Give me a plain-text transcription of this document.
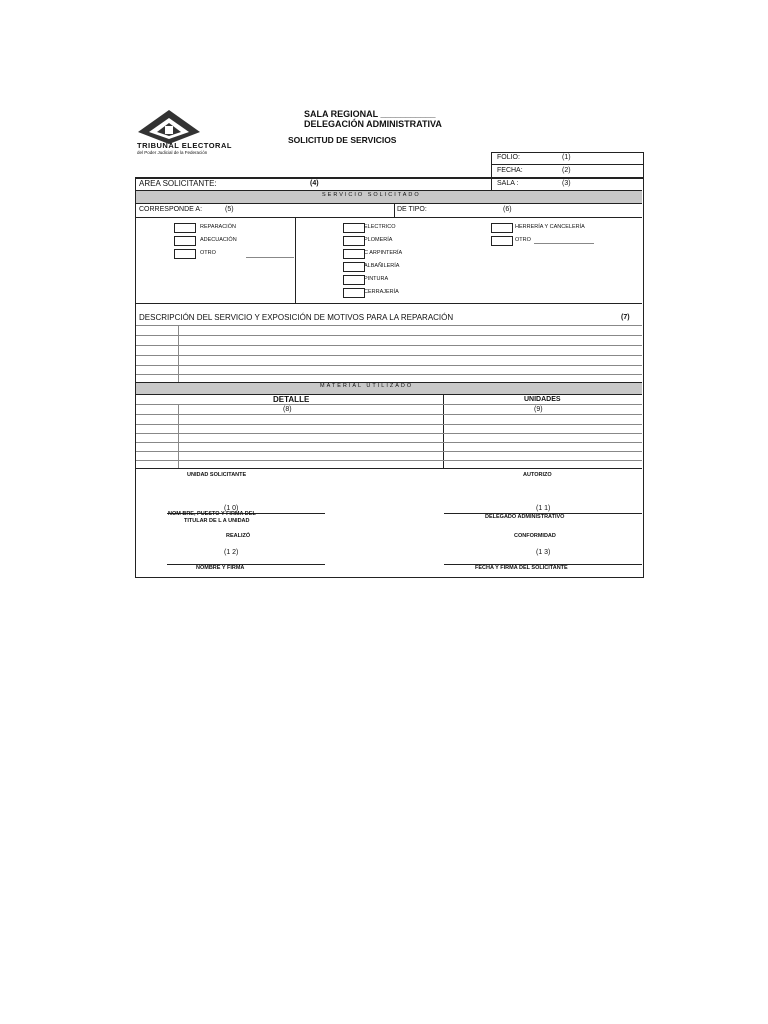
TRIBUNAL ELECTORAL
del Poder Judicial de la Federación
SALA REGIONAL ___________
DELEGACIÓN ADMINISTRATIVA
SOLICITUD DE SERVICIOS
FOLIO:	(1)
FECHA:	(2)
SALA :	(3)
AREA SOLICITANTE:	(4)
SERVICIO SOLICITADO
CORRESPONDE A:	(5)	DE TIPO:	(6)
REPARACIÓN
ADECUACIÓN
OTRO
ELECTRICO
PLOMERÍA
C ARPINTERÍA
ALBAÑILERÍA
PINTURA
CERRAJERÍA
HERRERÍA Y CANCELERÍA
OTRO
DESCRIPCIÓN DEL SERVICIO Y EXPOSICIÓN DE MOTIVOS PARA LA REPARACIÓN	(7)
MATERIAL UTILIZADO
DETALLE
(8)
UNIDADES
(9)
UNIDAD SOLICITANTE	AUTORIZO
(1 0)	(1 1)
NOM BRE, PUESTO Y FIRMA DEL
TITULAR DE L A UNIDAD
DELEGADO ADMINISTRATIVO
REALIZÓ	CONFORMIDAD
(1 2)	(1 3)
NOMBRE Y FIRMA	FECHA Y FIRMA DEL SOLICITANTE
